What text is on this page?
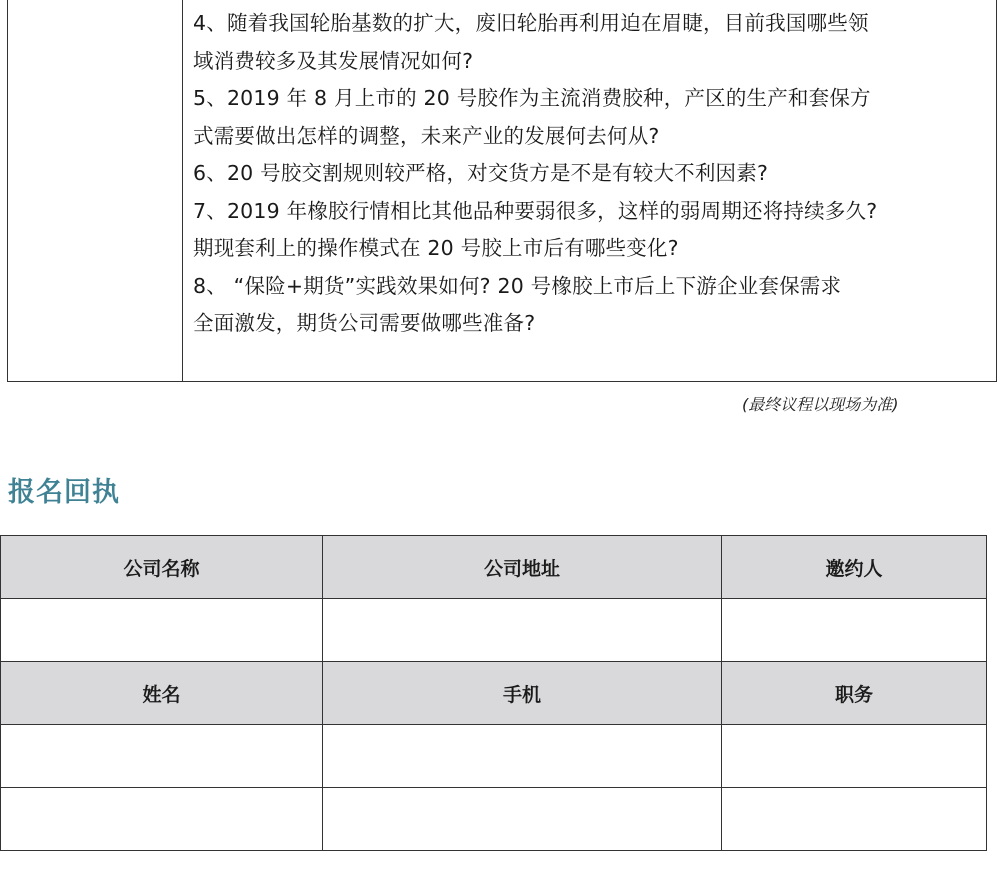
4、随着我国轮胎基数的扩大，废旧轮胎再利用迫在眉睫，目前我国哪些领
域消费较多及其发展情况如何?
5、2019 年 8 月上市的 20 号胶作为主流消费胶种，产区的生产和套保方
式需要做出怎样的调整，未来产业的发展何去何从?
6、20 号胶交割规则较严格，对交货方是不是有较大不利因素?
7、2019 年橡胶行情相比其他品种要弱很多，这样的弱周期还将持续多久?
期现套利上的操作模式在 20 号胶上市后有哪些变化?
8、 “保险+期货”实践效果如何? 20 号橡胶上市后上下游企业套保需求
全面激发，期货公司需要做哪些准备?
(最终议程以现场为准)
报名回执
公司名称	公司地址	邀约人

姓名	手机	职务
